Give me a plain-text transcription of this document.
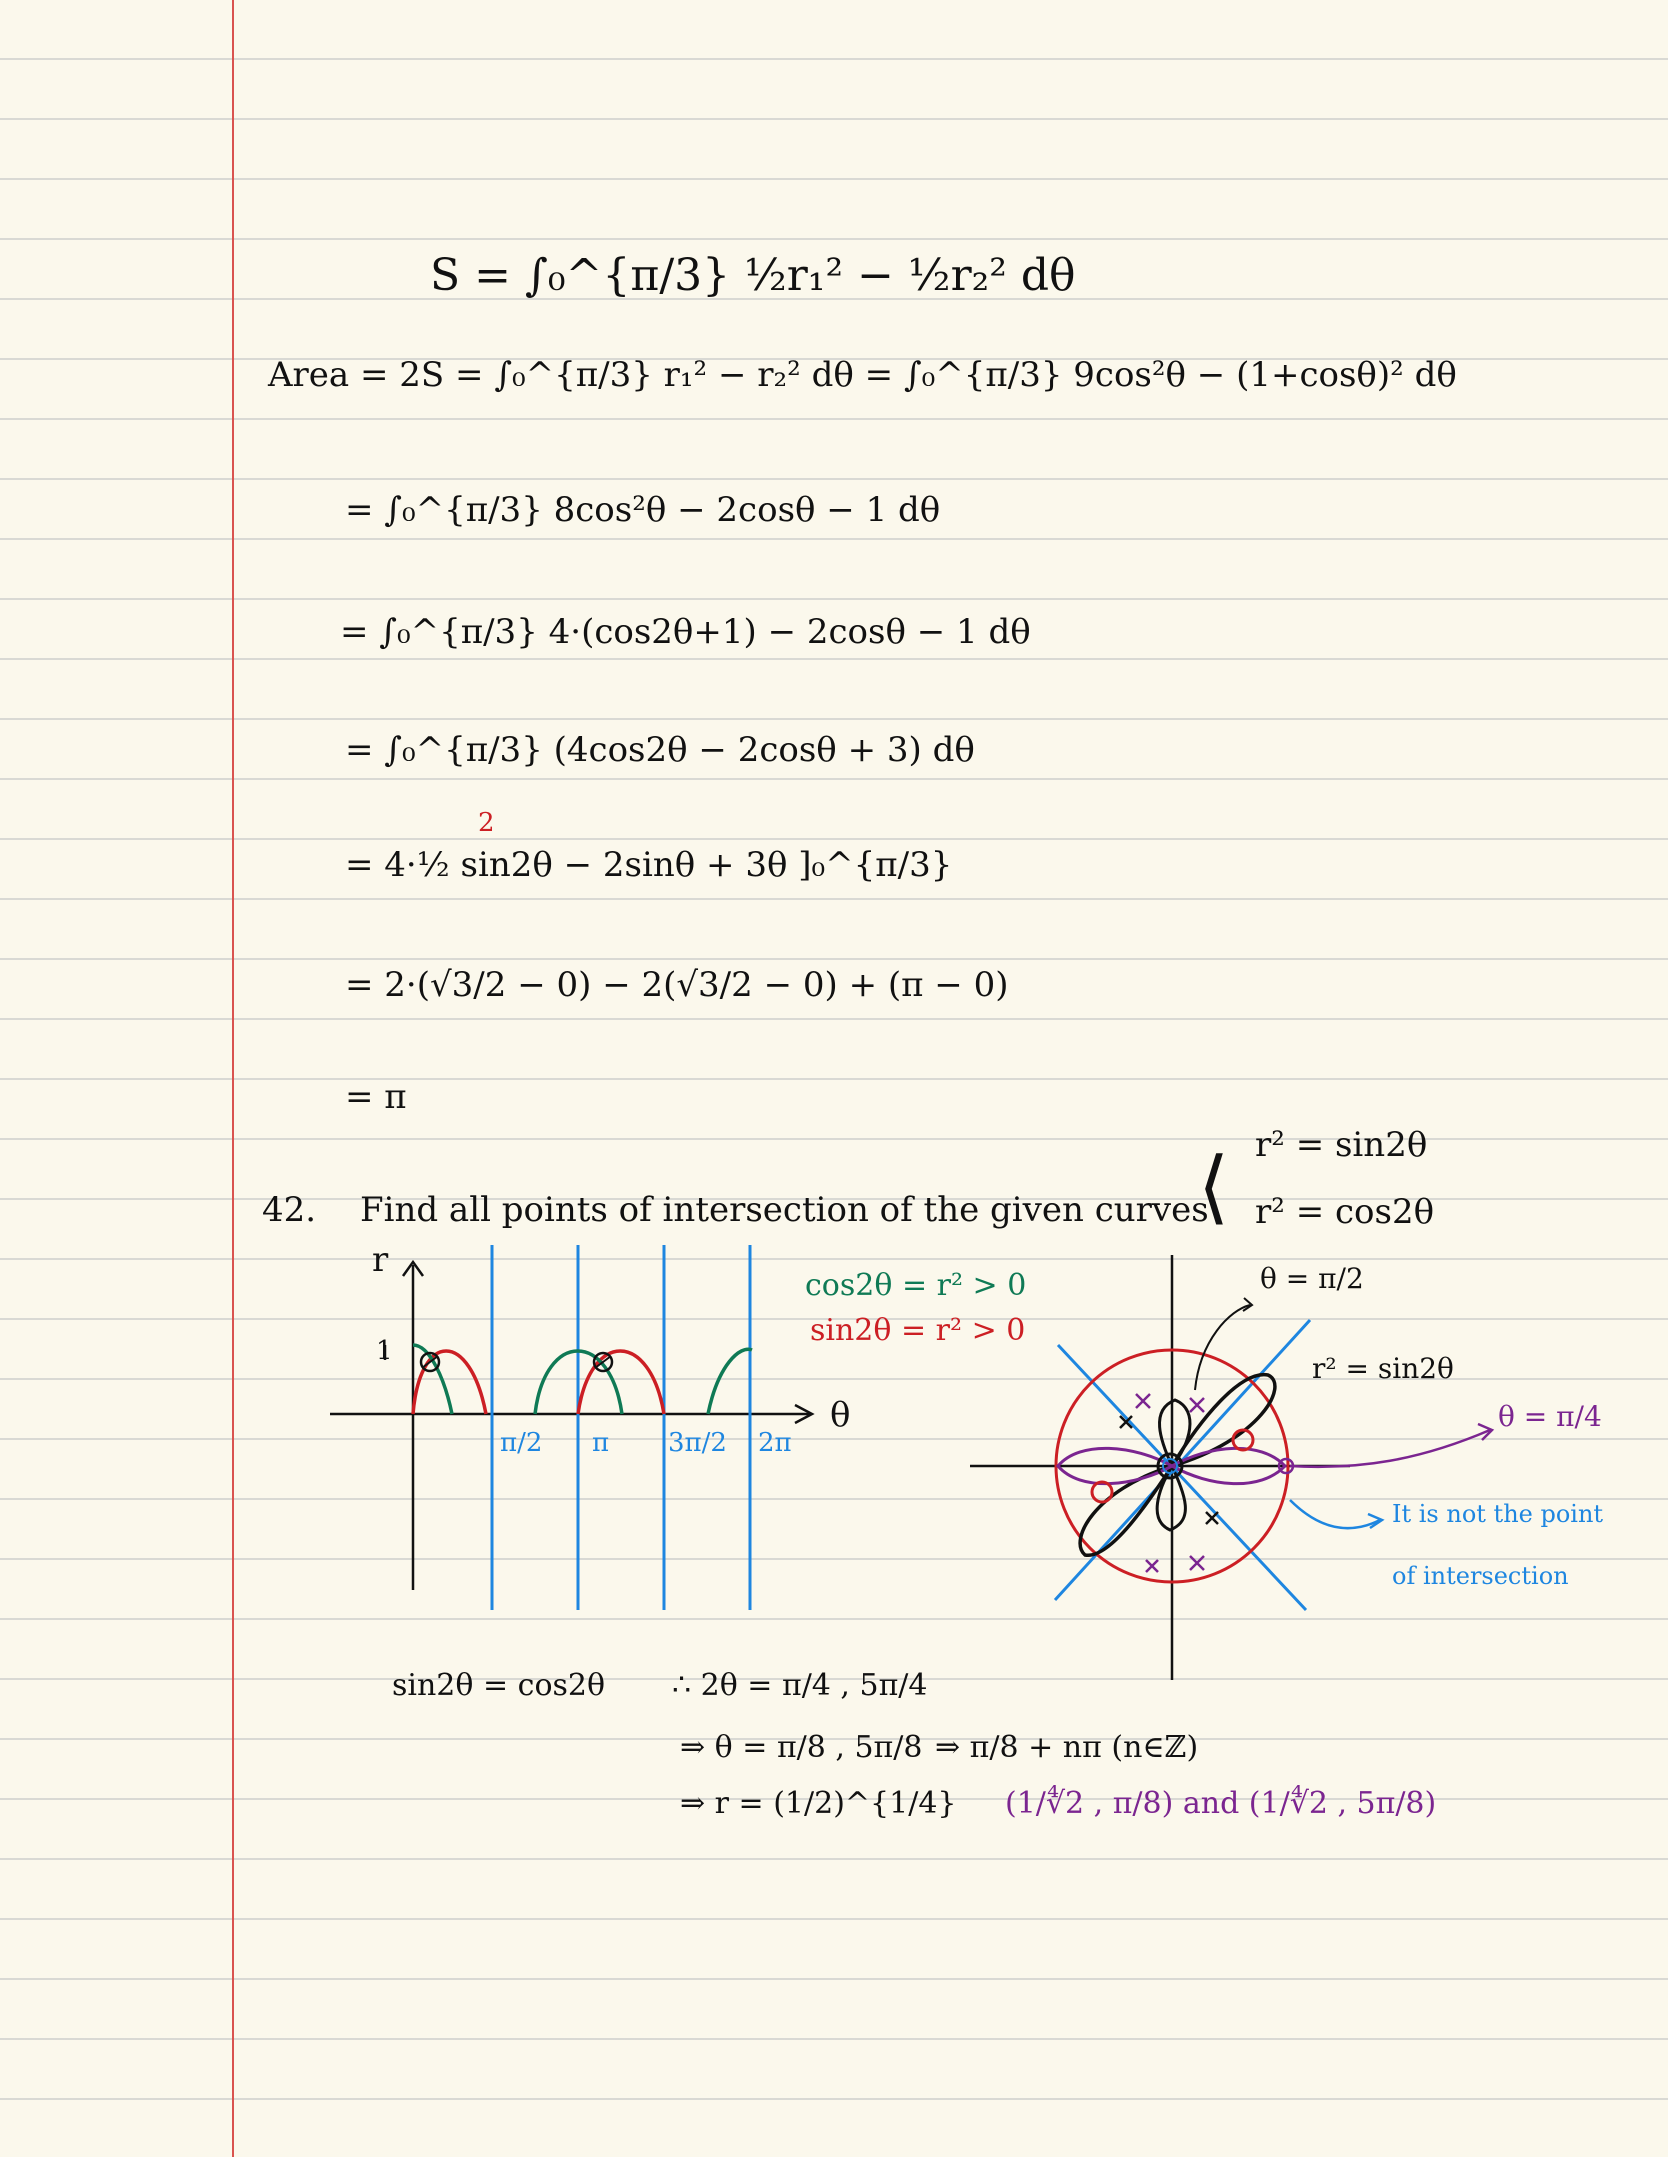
S = ∫₀^{π/3} ½r₁² − ½r₂² dθ
Area = 2S = ∫₀^{π/3} r₁² − r₂² dθ = ∫₀^{π/3} 9cos²θ − (1+cosθ)² dθ
= ∫₀^{π/3} 8cos²θ − 2cosθ − 1 dθ
= ∫₀^{π/3} 4·(cos2θ+1) − 2cosθ − 1 dθ
= ∫₀^{π/3} (4cos2θ − 2cosθ + 3) dθ
2
= 4·½ sin2θ − 2sinθ + 3θ ]₀^{π/3}
= 2·(√3/2 − 0) − 2(√3/2 − 0) + (π − 0)
= π
42. Find all points of intersection of the given curves
⟨ r² = sin2θ
r² = cos2θ
r
1
θ
π/2 π 3π/2 2π
cos2θ = r² > 0
sin2θ = r² > 0
θ = π/2
r² = sin2θ
θ = π/4
It is not the point
of intersection
sin2θ = cos2θ ∴ 2θ = π/4 , 5π/4
⇒ θ = π/8 , 5π/8 ⇒ π/8 + nπ (n∈ℤ)
⇒ r = (1/2)^{1/4} (1/∜2 , π/8) and (1/∜2 , 5π/8)
